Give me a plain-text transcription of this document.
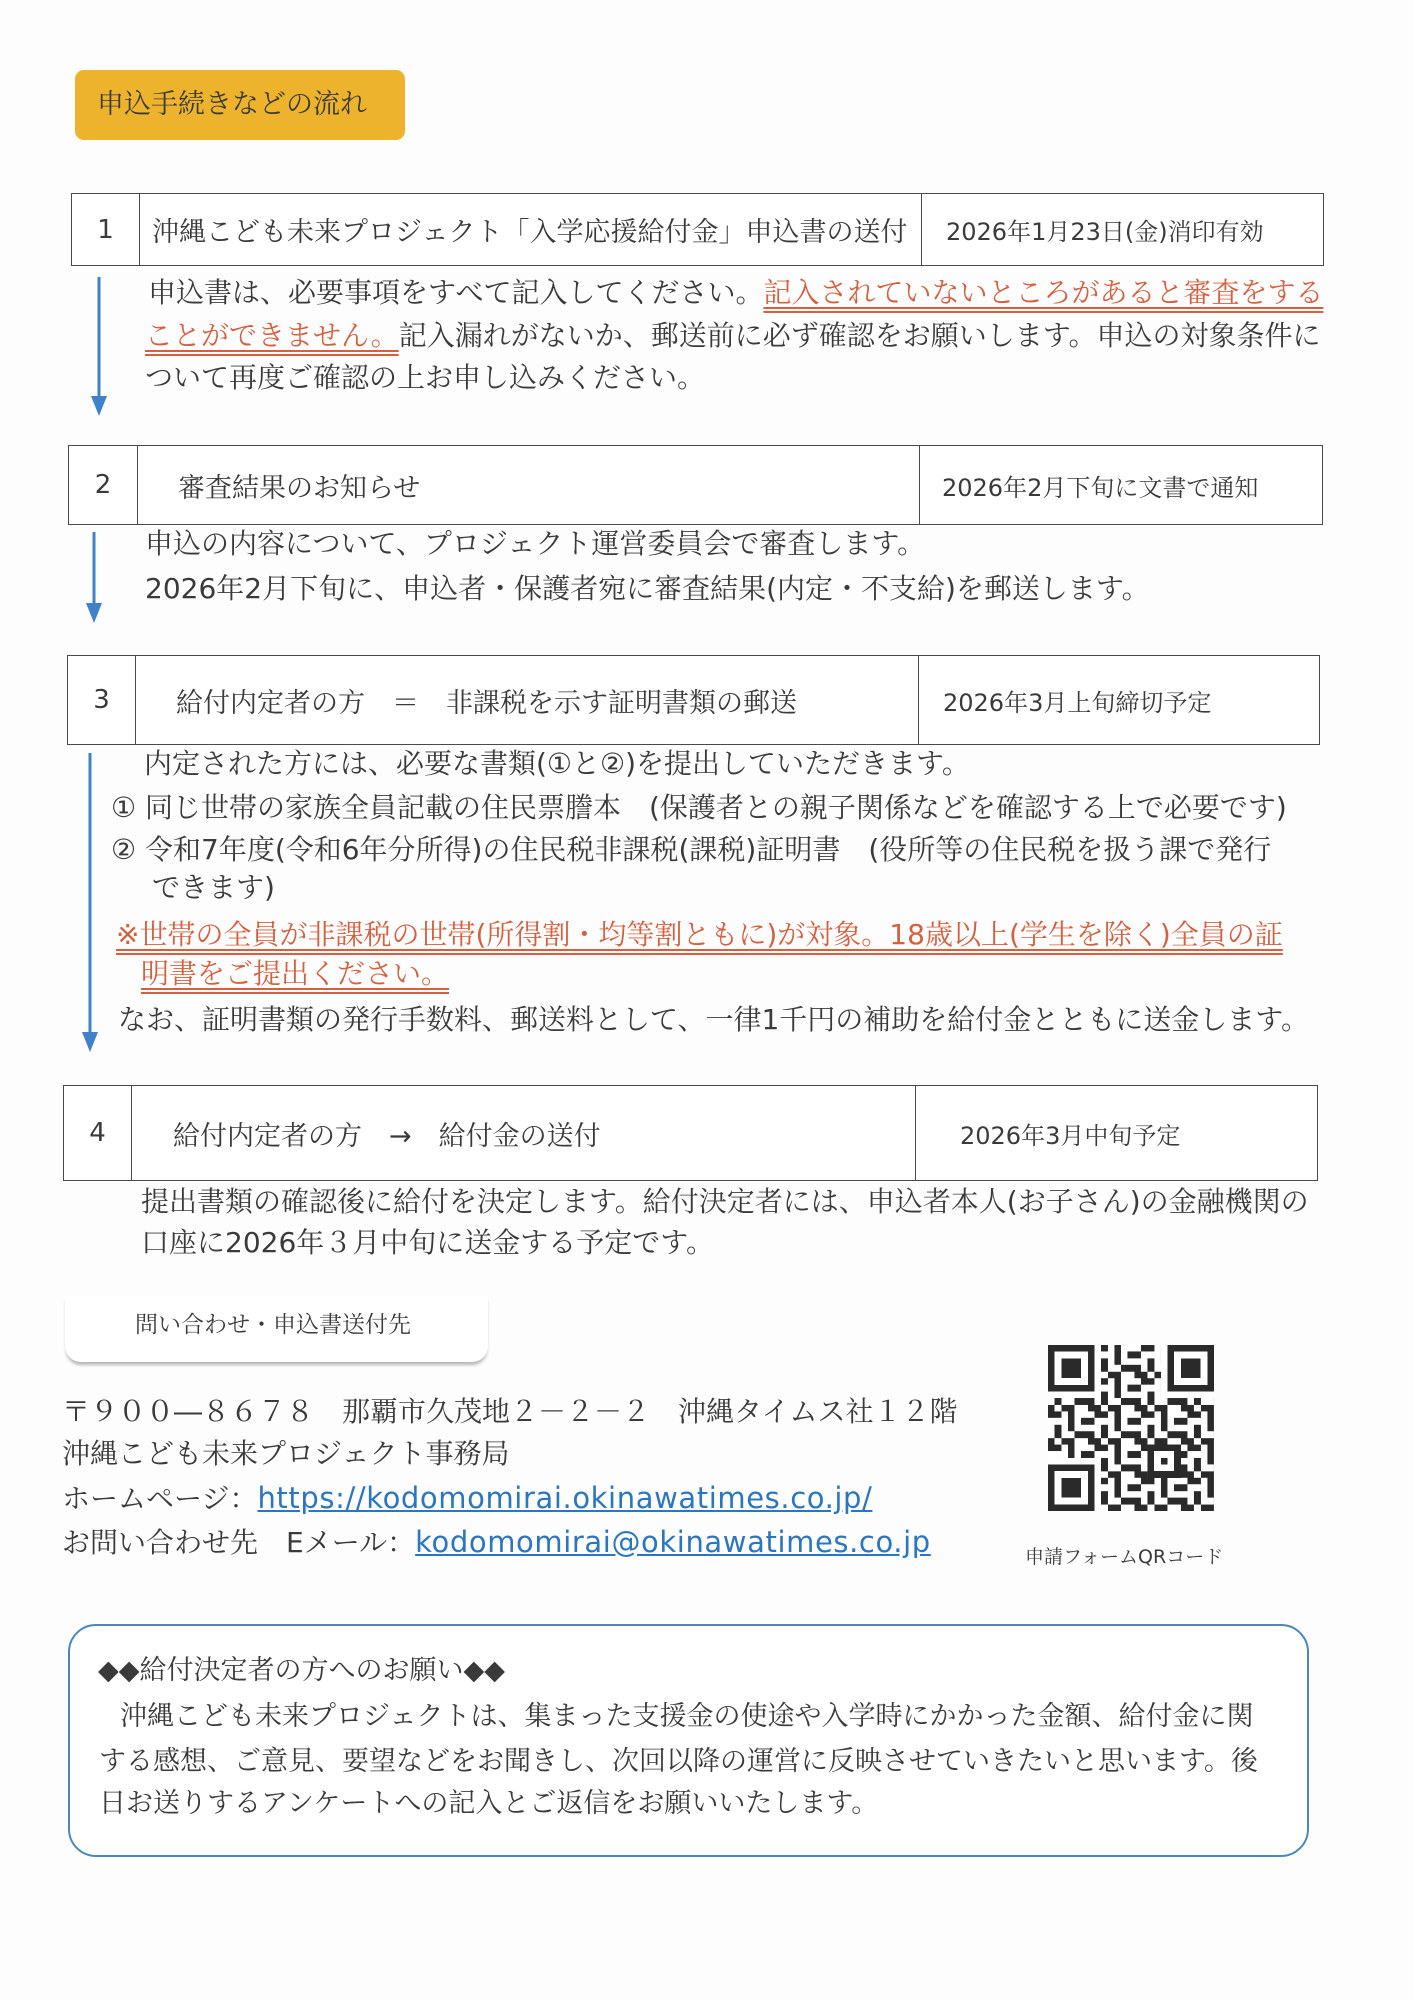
申込手続きなどの流れ
1	沖縄こども未来プロジェクト「入学応援給付金」申込書の送付	2026年1月23日(金)消印有効
申込書は、必要事項をすべて記入してください。記入されていないところがあると審査をする
ことができません。記入漏れがないか、郵送前に必ず確認をお願いします。申込の対象条件に
ついて再度ご確認の上お申し込みください。
2	審査結果のお知らせ	2026年2月下旬に文書で通知
申込の内容について、プロジェクト運営委員会で審査します。
2026年2月下旬に、申込者・保護者宛に審査結果(内定・不支給)を郵送します。
3	給付内定者の方　＝　非課税を示す証明書類の郵送	2026年3月上旬締切予定
内定された方には、必要な書類(①と②)を提出していただきます。
① 同じ世帯の家族全員記載の住民票謄本　(保護者との親子関係などを確認する上で必要です)
② 令和7年度(令和6年分所得)の住民税非課税(課税)証明書　(役所等の住民税を扱う課で発行
できます)
※世帯の全員が非課税の世帯(所得割・均等割ともに)が対象。18歳以上(学生を除く)全員の証
明書をご提出ください。
なお、証明書類の発行手数料、郵送料として、一律1千円の補助を給付金とともに送金します。
4	給付内定者の方　→　給付金の送付	2026年3月中旬予定
提出書類の確認後に給付を決定します。給付決定者には、申込者本人(お子さん)の金融機関の
口座に2026年３月中旬に送金する予定です。
問い合わせ・申込書送付先
〒９００―８６７８　那覇市久茂地２－２－２　沖縄タイムス社１２階
沖縄こども未来プロジェクト事務局
ホームページ：https://kodomomirai.okinawatimes.co.jp/
お問い合わせ先　Eメール：kodomomirai@okinawatimes.co.jp	申請フォームQRコード
◆◆給付決定者の方へのお願い◆◆
沖縄こども未来プロジェクトは、集まった支援金の使途や入学時にかかった金額、給付金に関
する感想、ご意見、要望などをお聞きし、次回以降の運営に反映させていきたいと思います。後
日お送りするアンケートへの記入とご返信をお願いいたします。
